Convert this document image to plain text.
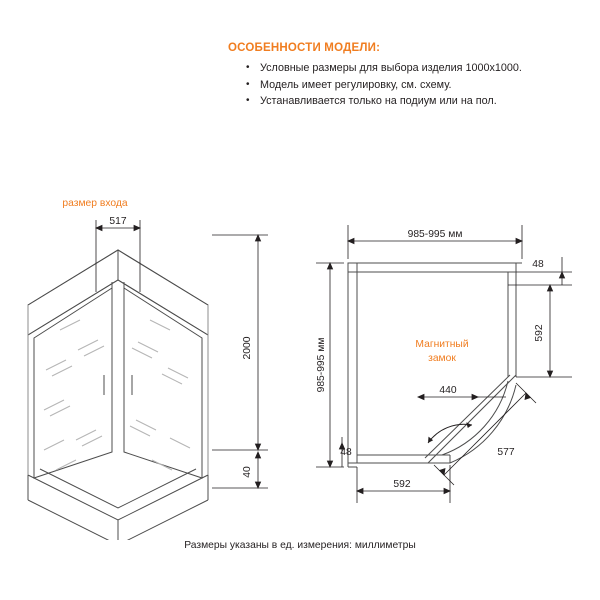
ОСОБЕННОСТИ МОДЕЛИ:
• Условные размеры для выбора изделия 1000х1000.
• Модель имеет регулировку, см. схему.
• Устанавливается только на подиум или на пол.
размер входа
517
2000
40
985-995 мм
985-995 мм
48
592
440
577
48
592
Магнитный
замок
Размеры указаны в ед. измерения: миллиметры
